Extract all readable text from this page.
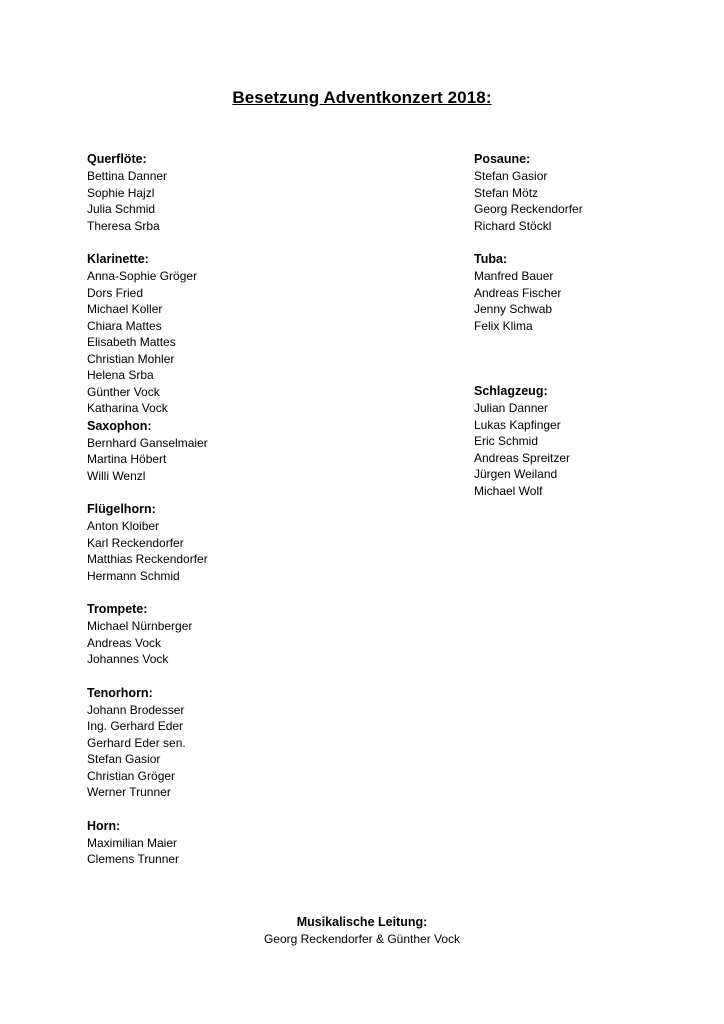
Besetzung Adventkonzert 2018:
Querflöte:
Bettina Danner
Sophie Hajzl
Julia Schmid
Theresa Srba
Klarinette:
Anna-Sophie Gröger
Dors Fried
Michael Koller
Chiara Mattes
Elisabeth Mattes
Christian Mohler
Helena Srba
Günther Vock
Katharina Vock
Saxophon:
Bernhard Ganselmaier
Martina Höbert
Willi Wenzl
Flügelhorn:
Anton Kloiber
Karl Reckendorfer
Matthias Reckendorfer
Hermann Schmid
Trompete:
Michael Nürnberger
Andreas Vock
Johannes Vock
Tenorhorn:
Johann Brodesser
Ing. Gerhard Eder
Gerhard Eder sen.
Stefan Gasior
Christian Gröger
Werner Trunner
Horn:
Maximilian Maier
Clemens Trunner
Posaune:
Stefan Gasior
Stefan Mötz
Georg Reckendorfer
Richard Stöckl
Tuba:
Manfred Bauer
Andreas Fischer
Jenny Schwab
Felix Klima
Schlagzeug:
Julian Danner
Lukas Kapfinger
Eric Schmid
Andreas Spreitzer
Jürgen Weiland
Michael Wolf
Musikalische Leitung:
Georg Reckendorfer & Günther Vock
